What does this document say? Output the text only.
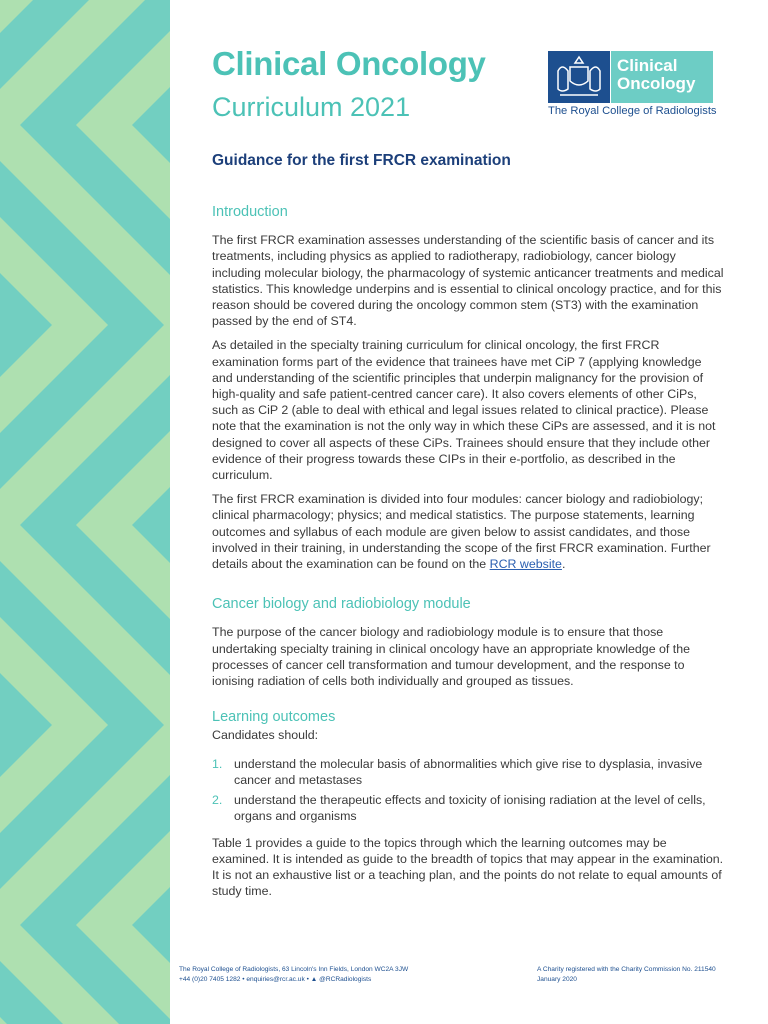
Clinical Oncology
Curriculum 2021
Guidance for the first FRCR examination
Introduction

The first FRCR examination assesses understanding of the scientific basis of cancer and its treatments, including physics as applied to radiotherapy, radiobiology, cancer biology including molecular biology, the pharmacology of systemic anticancer treatments and medical statistics. This knowledge underpins and is essential to clinical oncology practice, and for this reason should be covered during the oncology common stem (ST3) with the examination passed by the end of ST4.

As detailed in the specialty training curriculum for clinical oncology, the first FRCR examination forms part of the evidence that trainees have met CiP 7 (applying knowledge and understanding of the scientific principles that underpin malignancy for the provision of high-quality and safe patient-centred cancer care). It also covers elements of other CiPs, such as CiP 2 (able to deal with ethical and legal issues related to clinical practice). Please note that the examination is not the only way in which these CiPs are assessed, and it is not designed to cover all aspects of these CiPs. Trainees should ensure that they include other evidence of their progress towards these CIPs in their e-portfolio, as described in the curriculum.

The first FRCR examination is divided into four modules: cancer biology and radiobiology; clinical pharmacology; physics; and medical statistics. The purpose statements, learning outcomes and syllabus of each module are given below to assist candidates, and those involved in their training, in understanding the scope of the first FRCR examination. Further details about the examination can be found on the RCR website.

Cancer biology and radiobiology module

The purpose of the cancer biology and radiobiology module is to ensure that those undertaking specialty training in clinical oncology have an appropriate knowledge of the processes of cancer cell transformation and tumour development, and the response to ionising radiation of cells both individually and grouped as tissues.

Learning outcomes
Candidates should:
1. understand the molecular basis of abnormalities which give rise to dysplasia, invasive cancer and metastases
2. understand the therapeutic effects and toxicity of ionising radiation at the level of cells, organs and organisms

Table 1 provides a guide to the topics through which the learning outcomes may be examined. It is intended as guide to the breadth of topics that may appear in the examination. It is not an exhaustive list or a teaching plan, and the points do not relate to equal amounts of study time.

Clinical
Oncology
The Royal College of Radiologists
The Royal College of Radiologists, 63 Lincoln's Inn Fields, London WC2A 3JW
+44 (0)20 7405 1282 • enquiries@rcr.ac.uk • ▲ @RCRadiologists
A Charity registered with the Charity Commission No. 211540
January 2020
